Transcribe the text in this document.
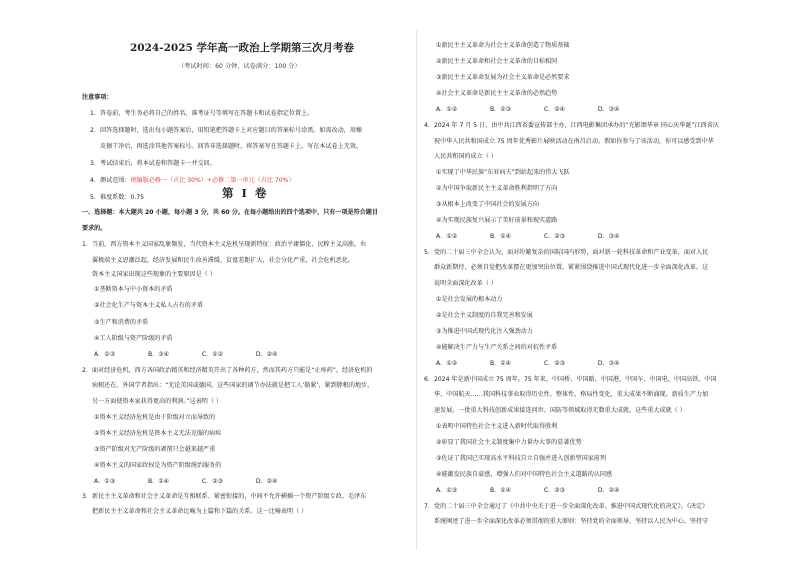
2024-2025 学年高一政治上学期第三次月考卷
（考试时间：60 分钟，试卷满分：100 分）
注意事项：
1．答卷前，考生务必将自己的姓名、准考证号等填写在答题卡和试卷指定位置上。
2．回答选择题时，选出每小题答案后，用铅笔把答题卡上对应题目的答案标号涂黑。如需改动，用橡
皮擦干净后，再选涂其他答案标号。回答非选择题时，将答案写在答题卡上。写在本试卷上无效。
3．考试结束后，将本试卷和答题卡一并交回。
4．测试范围：统编版必修一（占比 30%）+必修二第一单元（占比 70%）
5．难度系数：0.75	第 I 卷
一、选择题：本大题共 20 小题，每小题 3 分，共 60 分。在每小题给出的四个选项中，只有一项是符合题目
要求的。
1．当前，西方资本主义国家乱象频发，当代资本主义危机呈现新特征：政治平庸僵化，民粹主义高涨，右
翼极端主义思潮泛起，经济发展和民生改善滞缓，贫富差距扩大，社会分化严重，社会危机恶化。
资本主义国家出现这些现象的主要原因是（ ）
①垄断资本与中小资本的矛盾
②社会化生产与资本主义私人占有的矛盾
③生产和消费的矛盾
④工人阶级与资产阶级的矛盾
A．①③	B．③④	C．①②	D．②④
2．面对经济危机，西方各国政治精英和经济精英开出了各种药方，然而其药方只能是“止疼药”，经济危机的
病根还在。外国学者指出：“无论美国或德国，这些国家的调节办法就是把工人‘勒紧’，紧到脖根的地步，
另一方面使资本家获得更高的利润。”这表明（ ）
①资本主义经济危机是由于阶级对立而导致的
②资本主义经济危机是资本主义无法克服的病疾
③资产阶级对无产阶级的剥削只会越来越严重
④资本主义的国家政权是为资产阶级统治服务的
A．①③	B．①④	C．②③	D．②④
3．新民主主义革命和社会主义革命是互相联系、紧密衔接的，中间不允许横插一个资产阶级专政。毛泽东
把新民主主义革命和社会主义革命比喻为上篇和下篇的关系。这一比喻表明（ ）
①新民主主义革命为社会主义革命创造了物质基础
②新民主主义革命和社会主义革命的目标相同
③新民主主义革命发展为社会主义革命是必然要求
④社会主义革命是新民主主义革命的必然趋势
A．①②	B．①③	C．②④	D．③④
4．2024 年 7 月 5 日，由中共江西省委宣传部主办，江西电影集团承办的“光影颂华章 同心庆华诞”江西省庆
祝中华人民共和国成立 75 周年优秀影片展映活动在南昌启动。假如你参与了该活动，你可以感受到中华
人民共和国的成立（ ）
①实现了中华民族“东亚病夫”到站起来的伟大飞跃
②为中国争取新民主主义革命胜利指明了方向
③从根本上改变了中国社会的发展方向
④为实现民族复兴展示了美好前景和现实道路
A．①②	B．①④	C．②③	D．③④
5．党的二十届三中全会认为，面对纷繁复杂的国际国内形势，面对新一轮科技革命和产业变革，面对人民
群众新期待，必须自觉把改革摆在更加突出位置，紧紧围绕推进中国式现代化进一步全面深化改革。这
说明全面深化改革（ ）
①是社会发展的根本动力
②是社会主义制度的自我完善和发展
③为推进中国式现代化注入强劲动力
④能解决生产力与生产关系之间的对抗性矛盾
A．①②	B．①④	C．②③	D．③④
6．2024 年是新中国成立 75 周年。75 年来，中国桥、中国路、中国港、中国车、中国电、中国高铁、中国
华、中国航天……我国科技事业取得历史性、整体性、格局性变化，重大成果不断涌现、新质生产力加
速发展，一批重大科技创新成果接连问世、国防等领域取得无数重大成就。这些重大成就（ ）
①表明中国特色社会主义进入新时代取得胜利
②彰显了我国社会主义制度集中力量办大事的显著优势
③佐证了我国已实现高水平科技自立自强并进入创新型国家前列
④能激发民族自豪感，增强人们对中国特色社会主义道路的认同感
A．①③	B．①④	C．②③	D．②④
7．党的二十届三中全会通过了《中共中央关于进一步全面深化改革、推进中国式现代化的决定》。《决定》
系统阐述了进一步全面深化改革必须贯彻的重大原则：坚持党的全面领导、坚持以人民为中心、坚持守
